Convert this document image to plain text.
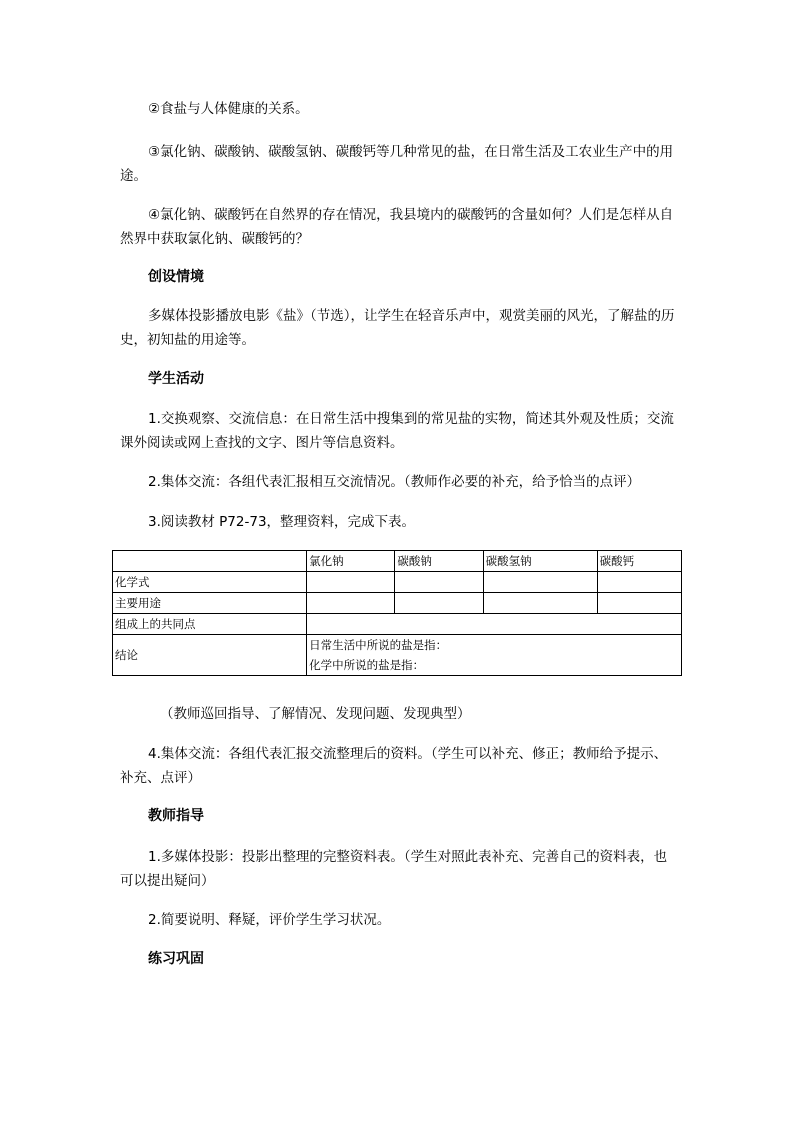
②食盐与人体健康的关系。

③氯化钠、碳酸钠、碳酸氢钠、碳酸钙等几种常见的盐，在日常生活及工农业生产中的用途。

④氯化钠、碳酸钙在自然界的存在情况，我县境内的碳酸钙的含量如何？人们是怎样从自然界中获取氯化钠、碳酸钙的？

创设情境

多媒体投影播放电影《盐》（节选），让学生在轻音乐声中，观赏美丽的风光，了解盐的历史，初知盐的用途等。

学生活动

1.交换观察、交流信息：在日常生活中搜集到的常见盐的实物，简述其外观及性质；交流课外阅读或网上查找的文字、图片等信息资料。

2.集体交流：各组代表汇报相互交流情况。（教师作必要的补充，给予恰当的点评）

3.阅读教材 P72-73，整理资料，完成下表。

	氯化钠	碳酸钠	碳酸氢钠	碳酸钙
化学式				
主要用途				
组成上的共同点				
结论	日常生活中所说的盐是指：
化学中所说的盐是指：			

（教师巡回指导、了解情况、发现问题、发现典型）

4.集体交流：各组代表汇报交流整理后的资料。（学生可以补充、修正；教师给予提示、补充、点评）

教师指导

1.多媒体投影：投影出整理的完整资料表。（学生对照此表补充、完善自己的资料表，也可以提出疑问）

2.简要说明、释疑，评价学生学习状况。

练习巩固
